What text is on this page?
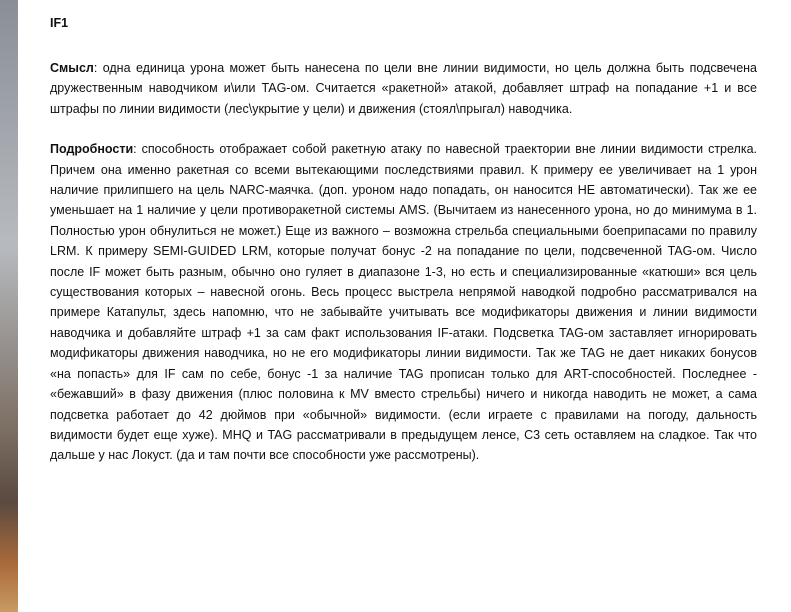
IF1

Смысл: одна единица урона может быть нанесена по цели вне линии видимости, но цель должна быть подсвечена дружественным наводчиком и\или TAG-ом. Считается «ракетной» атакой, добавляет штраф на попадание +1 и все штрафы по линии видимости (лес\укрытие у цели) и движения (стоял\прыгал) наводчика.

Подробности: способность отображает собой ракетную атаку по навесной траектории вне линии видимости стрелка. Причем она именно ракетная со всеми вытекающими последствиями правил. К примеру ее увеличивает на 1 урон наличие прилипшего на цель NARC-маячка. (доп. уроном надо попадать, он наносится НЕ автоматически). Так же ее уменьшает на 1 наличие у цели противоракетной системы AMS. (Вычитаем из нанесенного урона, но до минимума в 1. Полностью урон обнулиться не может.) Еще из важного – возможна стрельба специальными боеприпасами по правилу LRM. К примеру SEMI-GUIDED LRM, которые получат бонус -2 на попадание по цели, подсвеченной TAG-ом. Число после IF может быть разным, обычно оно гуляет в диапазоне 1-3, но есть и специализированные «катюши» вся цель существования которых – навесной огонь. Весь процесс выстрела непрямой наводкой подробно рассматривался на примере Катапульт, здесь напомню, что не забывайте учитывать все модификаторы движения и линии видимости наводчика и добавляйте штраф +1 за сам факт использования IF-атаки. Подсветка TAG-ом заставляет игнорировать модификаторы движения наводчика, но не его модификаторы линии видимости. Так же TAG не дает никаких бонусов «на попасть» для IF сам по себе, бонус -1 за наличие TAG прописан только для ART-способностей. Последнее - «бежавший» в фазу движения (плюс половина к MV вместо стрельбы) ничего и никогда наводить не может, а сама подсветка работает до 42 дюймов при «обычной» видимости. (если играете с правилами на погоду, дальность видимости будет еще хуже). MHQ и TAG рассматривали в предыдущем ленсе, С3 сеть оставляем на сладкое. Так что дальше у нас Локуст. (да и там почти все способности уже рассмотрены).
